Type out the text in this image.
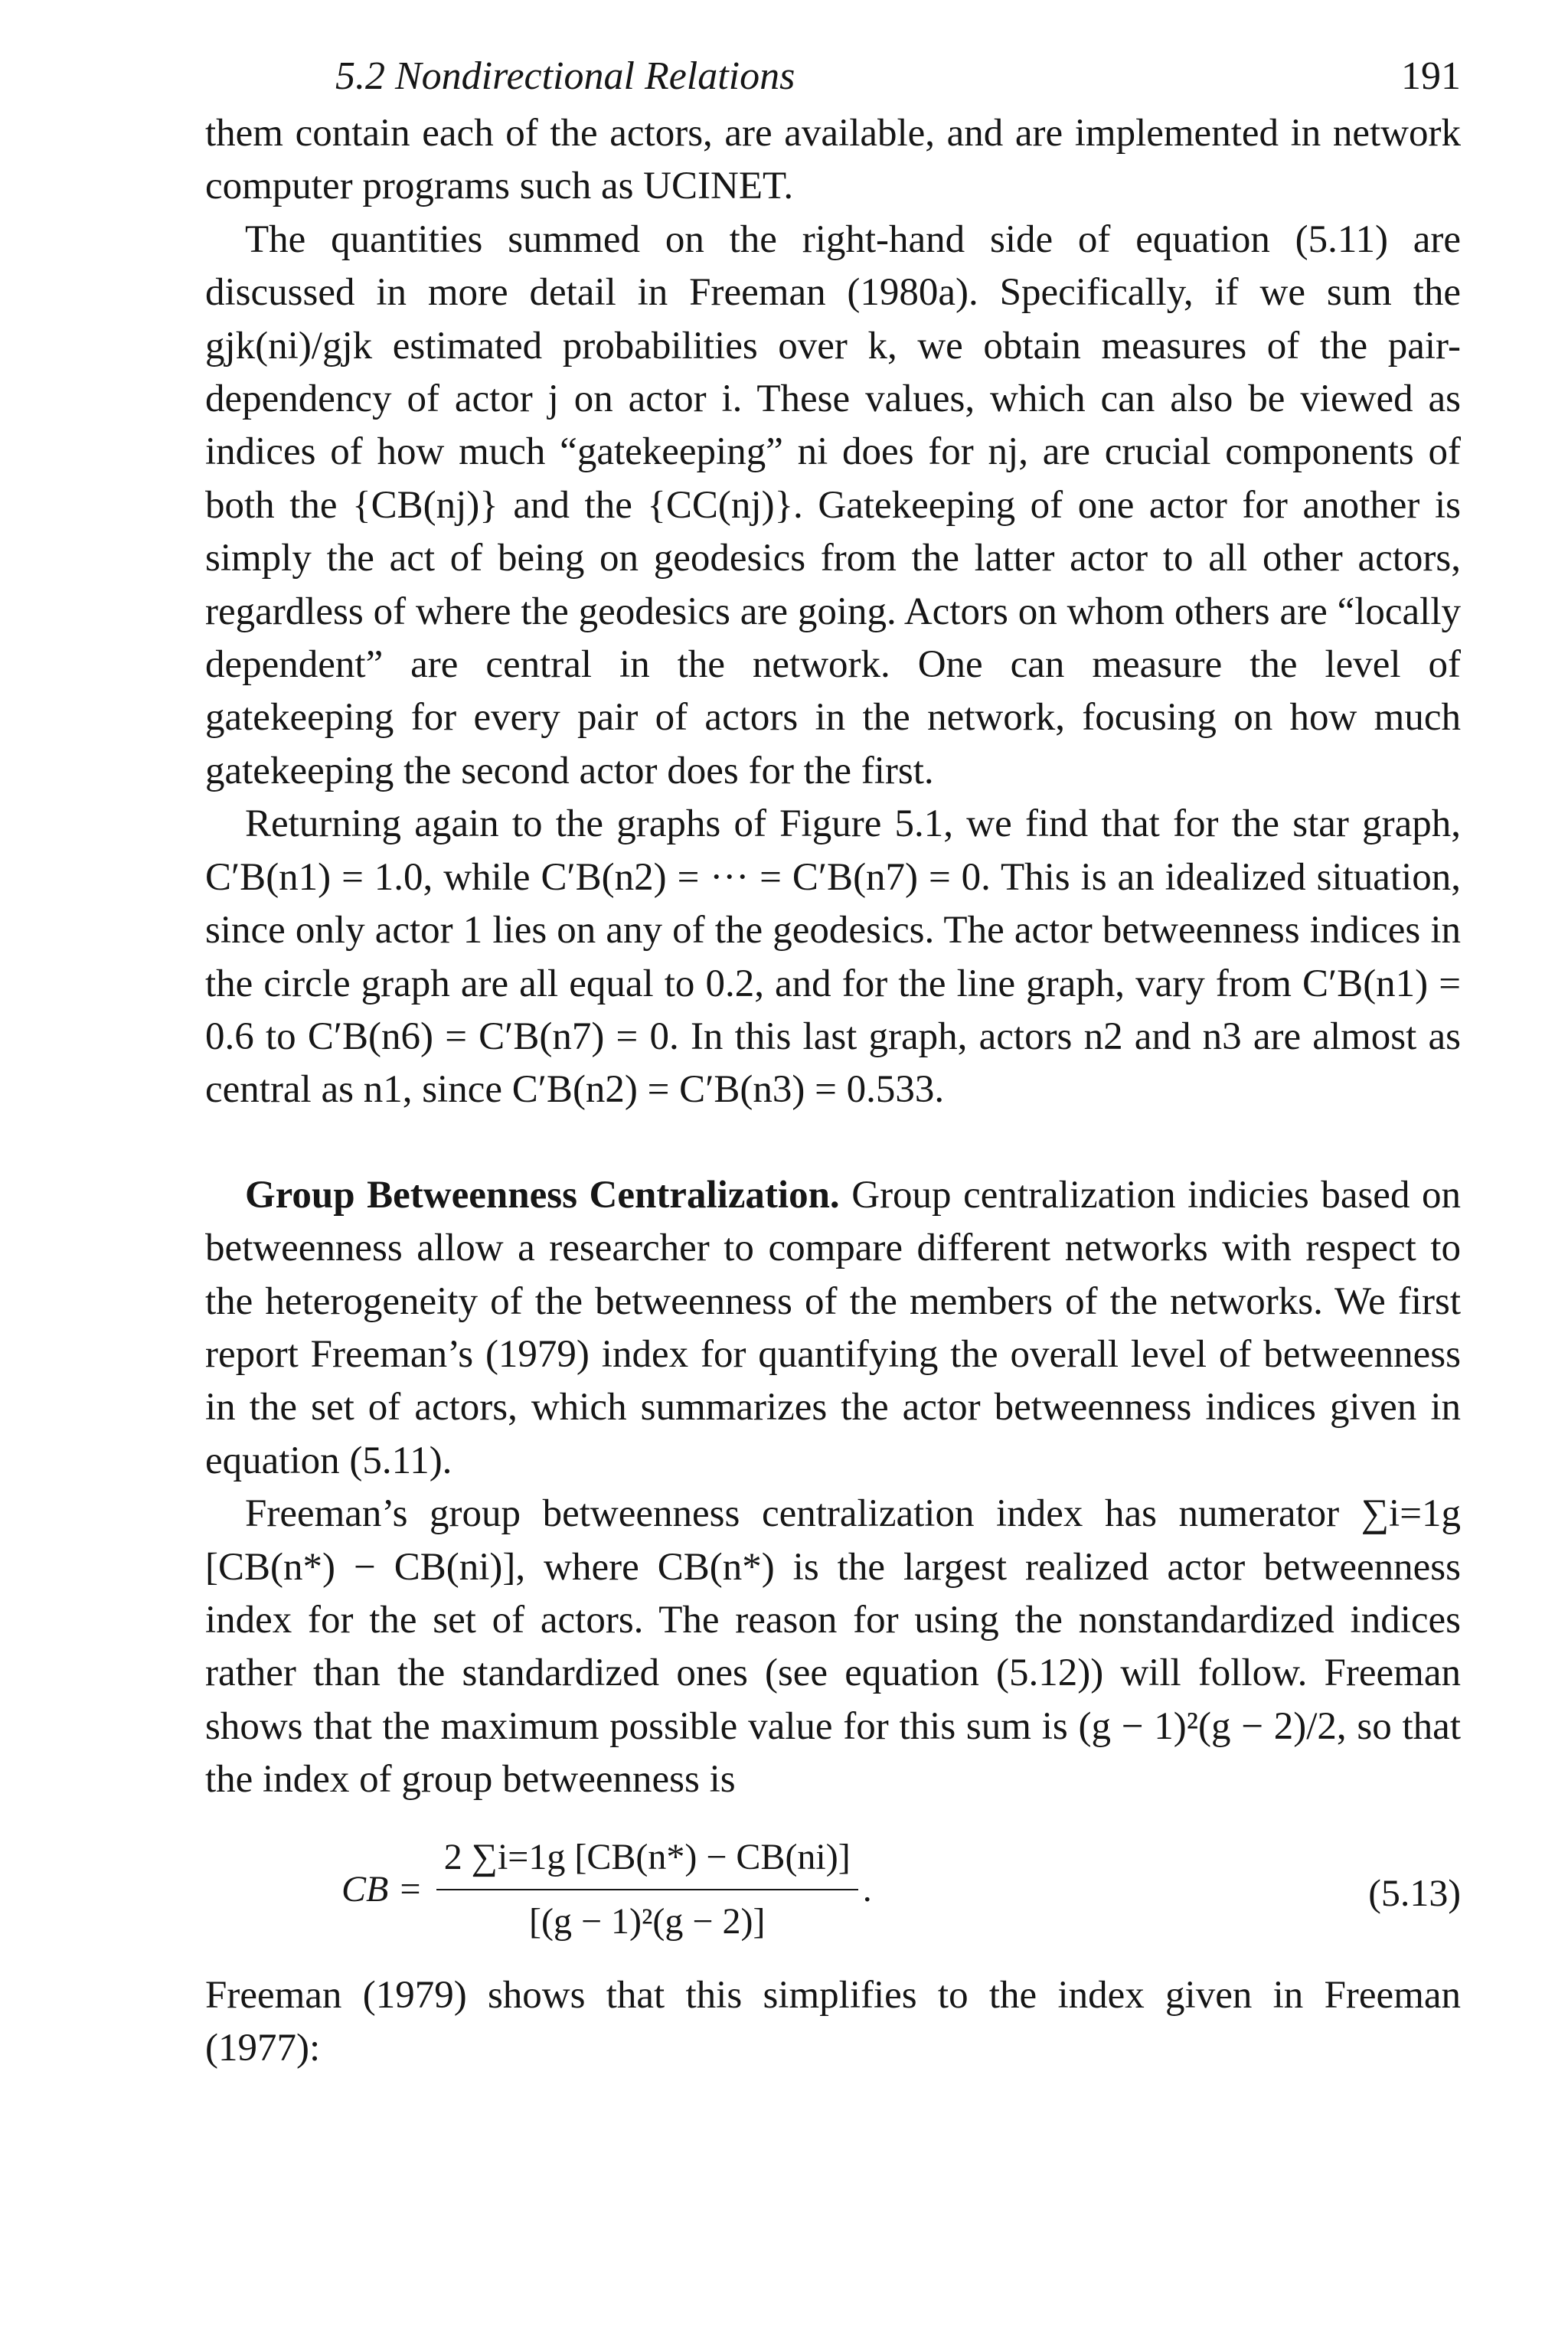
5.2 Nondirectional Relations	191

them contain each of the actors, are available, and are implemented in network computer programs such as UCINET.

The quantities summed on the right-hand side of equation (5.11) are discussed in more detail in Freeman (1980a). Specifically, if we sum the gjk(ni)/gjk estimated probabilities over k, we obtain measures of the pair-dependency of actor j on actor i. These values, which can also be viewed as indices of how much “gatekeeping” ni does for nj, are crucial components of both the {CB(nj)} and the {CC(nj)}. Gatekeeping of one actor for another is simply the act of being on geodesics from the latter actor to all other actors, regardless of where the geodesics are going. Actors on whom others are “locally dependent” are central in the network. One can measure the level of gatekeeping for every pair of actors in the network, focusing on how much gatekeeping the second actor does for the first.

Returning again to the graphs of Figure 5.1, we find that for the star graph, C′B(n1) = 1.0, while C′B(n2) = ··· = C′B(n7) = 0. This is an idealized situation, since only actor 1 lies on any of the geodesics. The actor betweenness indices in the circle graph are all equal to 0.2, and for the line graph, vary from C′B(n1) = 0.6 to C′B(n6) = C′B(n7) = 0. In this last graph, actors n2 and n3 are almost as central as n1, since C′B(n2) = C′B(n3) = 0.533.

Group Betweenness Centralization. Group centralization indicies based on betweenness allow a researcher to compare different networks with respect to the heterogeneity of the betweenness of the members of the networks. We first report Freeman’s (1979) index for quantifying the overall level of betweenness in the set of actors, which summarizes the actor betweenness indices given in equation (5.11).

Freeman’s group betweenness centralization index has numerator ∑i=1g [CB(n*) − CB(ni)], where CB(n*) is the largest realized actor betweenness index for the set of actors. The reason for using the nonstandardized indices rather than the standardized ones (see equation (5.12)) will follow. Freeman shows that the maximum possible value for this sum is (g − 1)²(g − 2)/2, so that the index of group betweenness is

CB = $\frac{2 \sum i=1g [CB(n*) - CB(ni)]}{\text{[(g − 1)²(g − 2)]}}$ .	(5.13)

Freeman (1979) shows that this simplifies to the index given in Freeman (1977):
